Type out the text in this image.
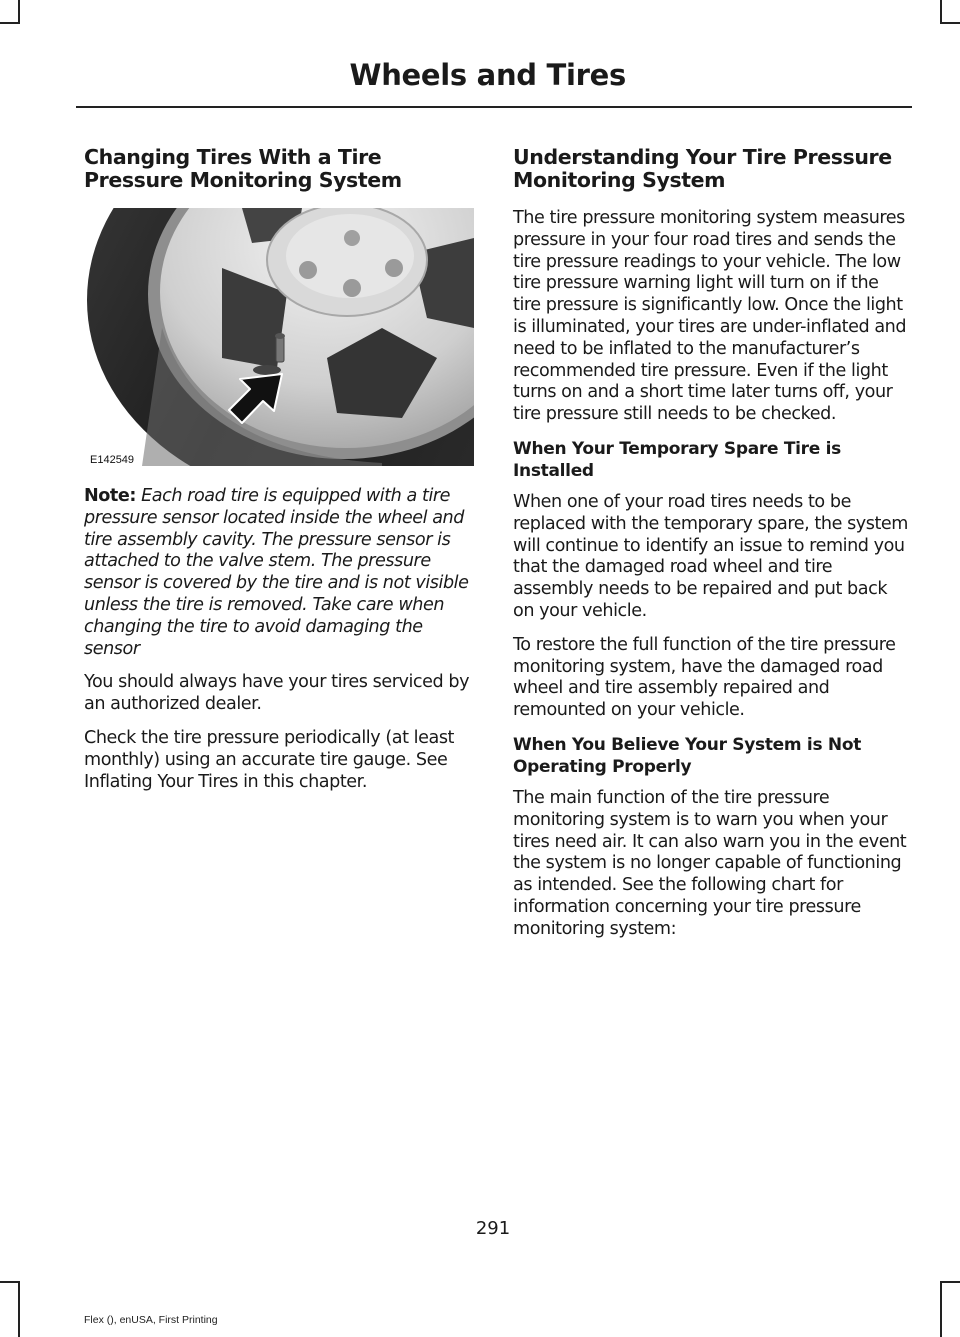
Wheels and Tires
Changing Tires With a Tire Pressure Monitoring System
E142549

Note: Each road tire is equipped with a tire pressure sensor located inside the wheel and tire assembly cavity. The pressure sensor is attached to the valve stem. The pressure sensor is covered by the tire and is not visible unless the tire is removed. Take care when changing the tire to avoid damaging the sensor

You should always have your tires serviced by an authorized dealer.

Check the tire pressure periodically (at least monthly) using an accurate tire gauge. See Inflating Your Tires in this chapter.

Understanding Your Tire Pressure Monitoring System

The tire pressure monitoring system measures pressure in your four road tires and sends the tire pressure readings to your vehicle. The low tire pressure warning light will turn on if the tire pressure is significantly low. Once the light is illuminated, your tires are under-inflated and need to be inflated to the manufacturer’s recommended tire pressure. Even if the light turns on and a short time later turns off, your tire pressure still needs to be checked.

When Your Temporary Spare Tire is Installed

When one of your road tires needs to be replaced with the temporary spare, the system will continue to identify an issue to remind you that the damaged road wheel and tire assembly needs to be repaired and put back on your vehicle.

To restore the full function of the tire pressure monitoring system, have the damaged road wheel and tire assembly repaired and remounted on your vehicle.

When You Believe Your System is Not Operating Properly

The main function of the tire pressure monitoring system is to warn you when your tires need air. It can also warn you in the event the system is no longer capable of functioning as intended. See the following chart for information concerning your tire pressure monitoring system:

291
Flex (), enUSA, First Printing
